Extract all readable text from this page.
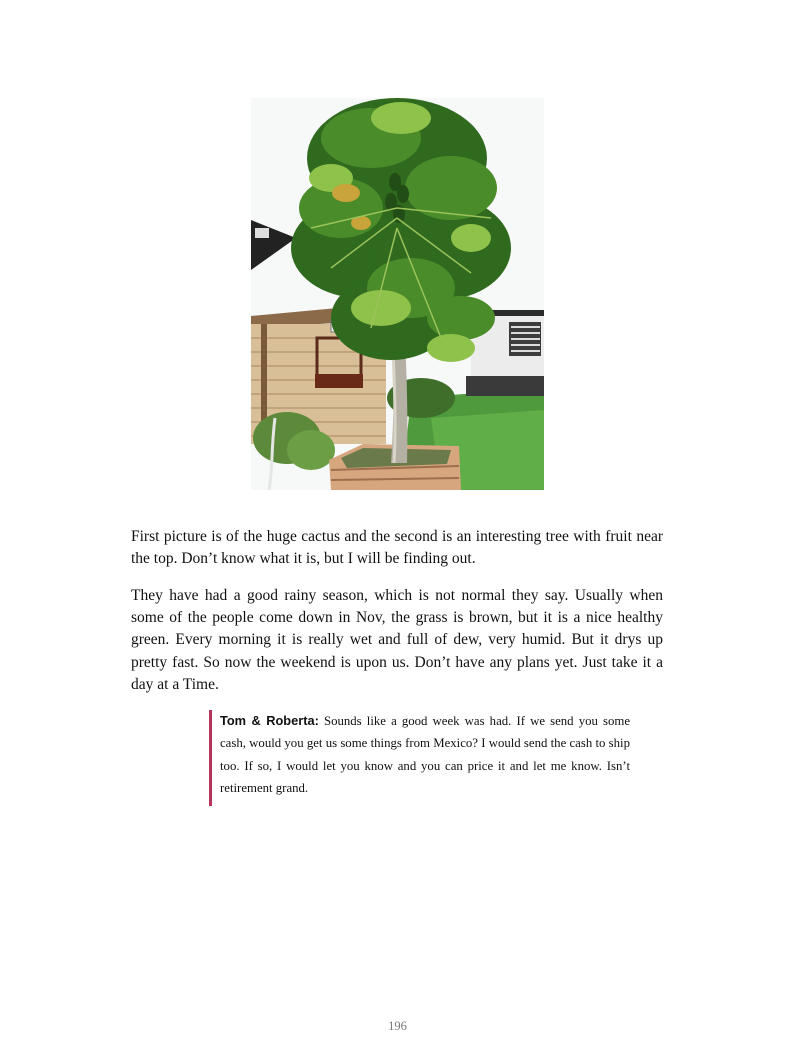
First picture is of the huge cactus and the second is an interesting tree with fruit near the top. Don’t know what it is, but I will be finding out.

They have had a good rainy season, which is not normal they say. Usually when some of the people come down in Nov, the grass is brown, but it is a nice healthy green. Every morning it is really wet and full of dew, very humid. But it drys up pretty fast. So now the weekend is upon us. Don’t have any plans yet. Just take it a day at a Time.

Tom & Roberta: Sounds like a good week was had. If we send you some cash, would you get us some things from Mexico? I would send the cash to ship too. If so, I would let you know and you can price it and let me know. Isn’t retirement grand.
196
